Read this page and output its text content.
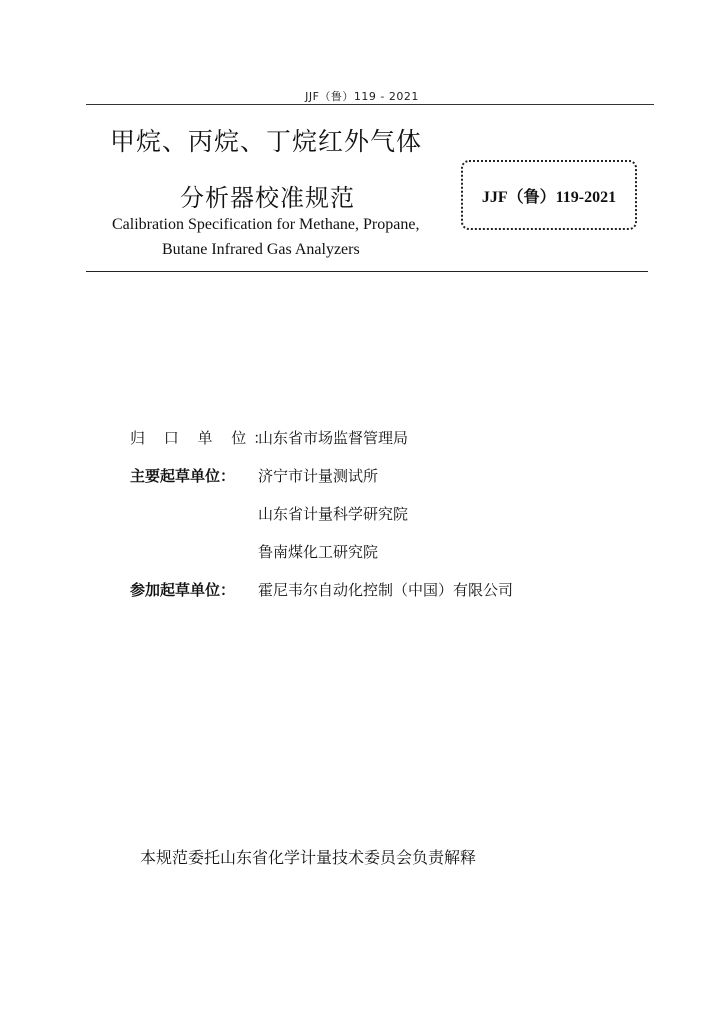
JJF（鲁）119 - 2021
甲烷、丙烷、丁烷红外气体
分析器校准规范
Calibration Specification for Methane, Propane,
Butane Infrared Gas Analyzers
JJF（鲁）119-2021
归 口 单 位：
山东省市场监督管理局
主要起草单位： 济宁市计量测试所
山东省计量科学研究院
鲁南煤化工研究院
参加起草单位： 霍尼韦尔自动化控制（中国）有限公司
本规范委托山东省化学计量技术委员会负责解释
